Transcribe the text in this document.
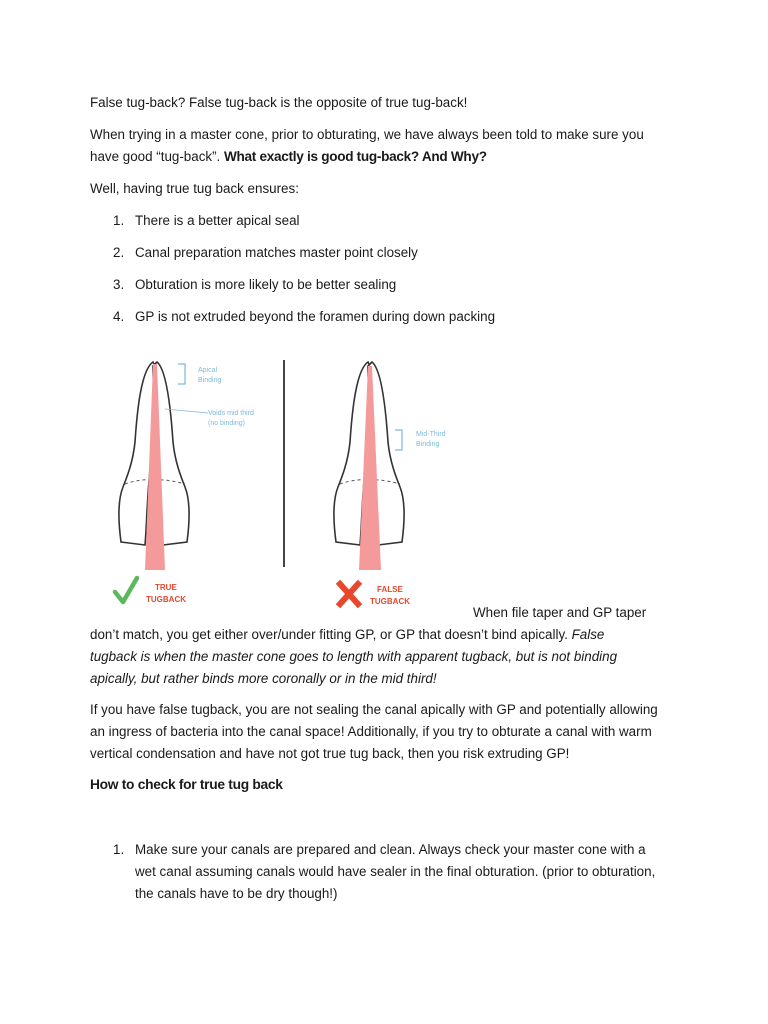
False tug-back? False tug-back is the opposite of true tug-back!
When trying in a master cone, prior to obturating, we have always been told to make sure you
have good “tug-back”. What exactly is good tug-back? And Why?
Well, having true tug back ensures:
1. There is a better apical seal
2. Canal preparation matches master point closely
3. Obturation is more likely to be better sealing
4. GP is not extruded beyond the foramen during down packing
Apical
Binding
Voids mid third
(no binding)
TRUE
TUGBACK
Mid-Third
Binding
FALSE
TUGBACK
When file taper and GP taper
don’t match, you get either over/under fitting GP, or GP that doesn’t bind apically. False
tugback is when the master cone goes to length with apparent tugback, but is not binding
apically, but rather binds more coronally or in the mid third!
If you have false tugback, you are not sealing the canal apically with GP and potentially allowing
an ingress of bacteria into the canal space! Additionally, if you try to obturate a canal with warm
vertical condensation and have not got true tug back, then you risk extruding GP!
How to check for true tug back
1. Make sure your canals are prepared and clean. Always check your master cone with a
wet canal assuming canals would have sealer in the final obturation. (prior to obturation,
the canals have to be dry though!)
